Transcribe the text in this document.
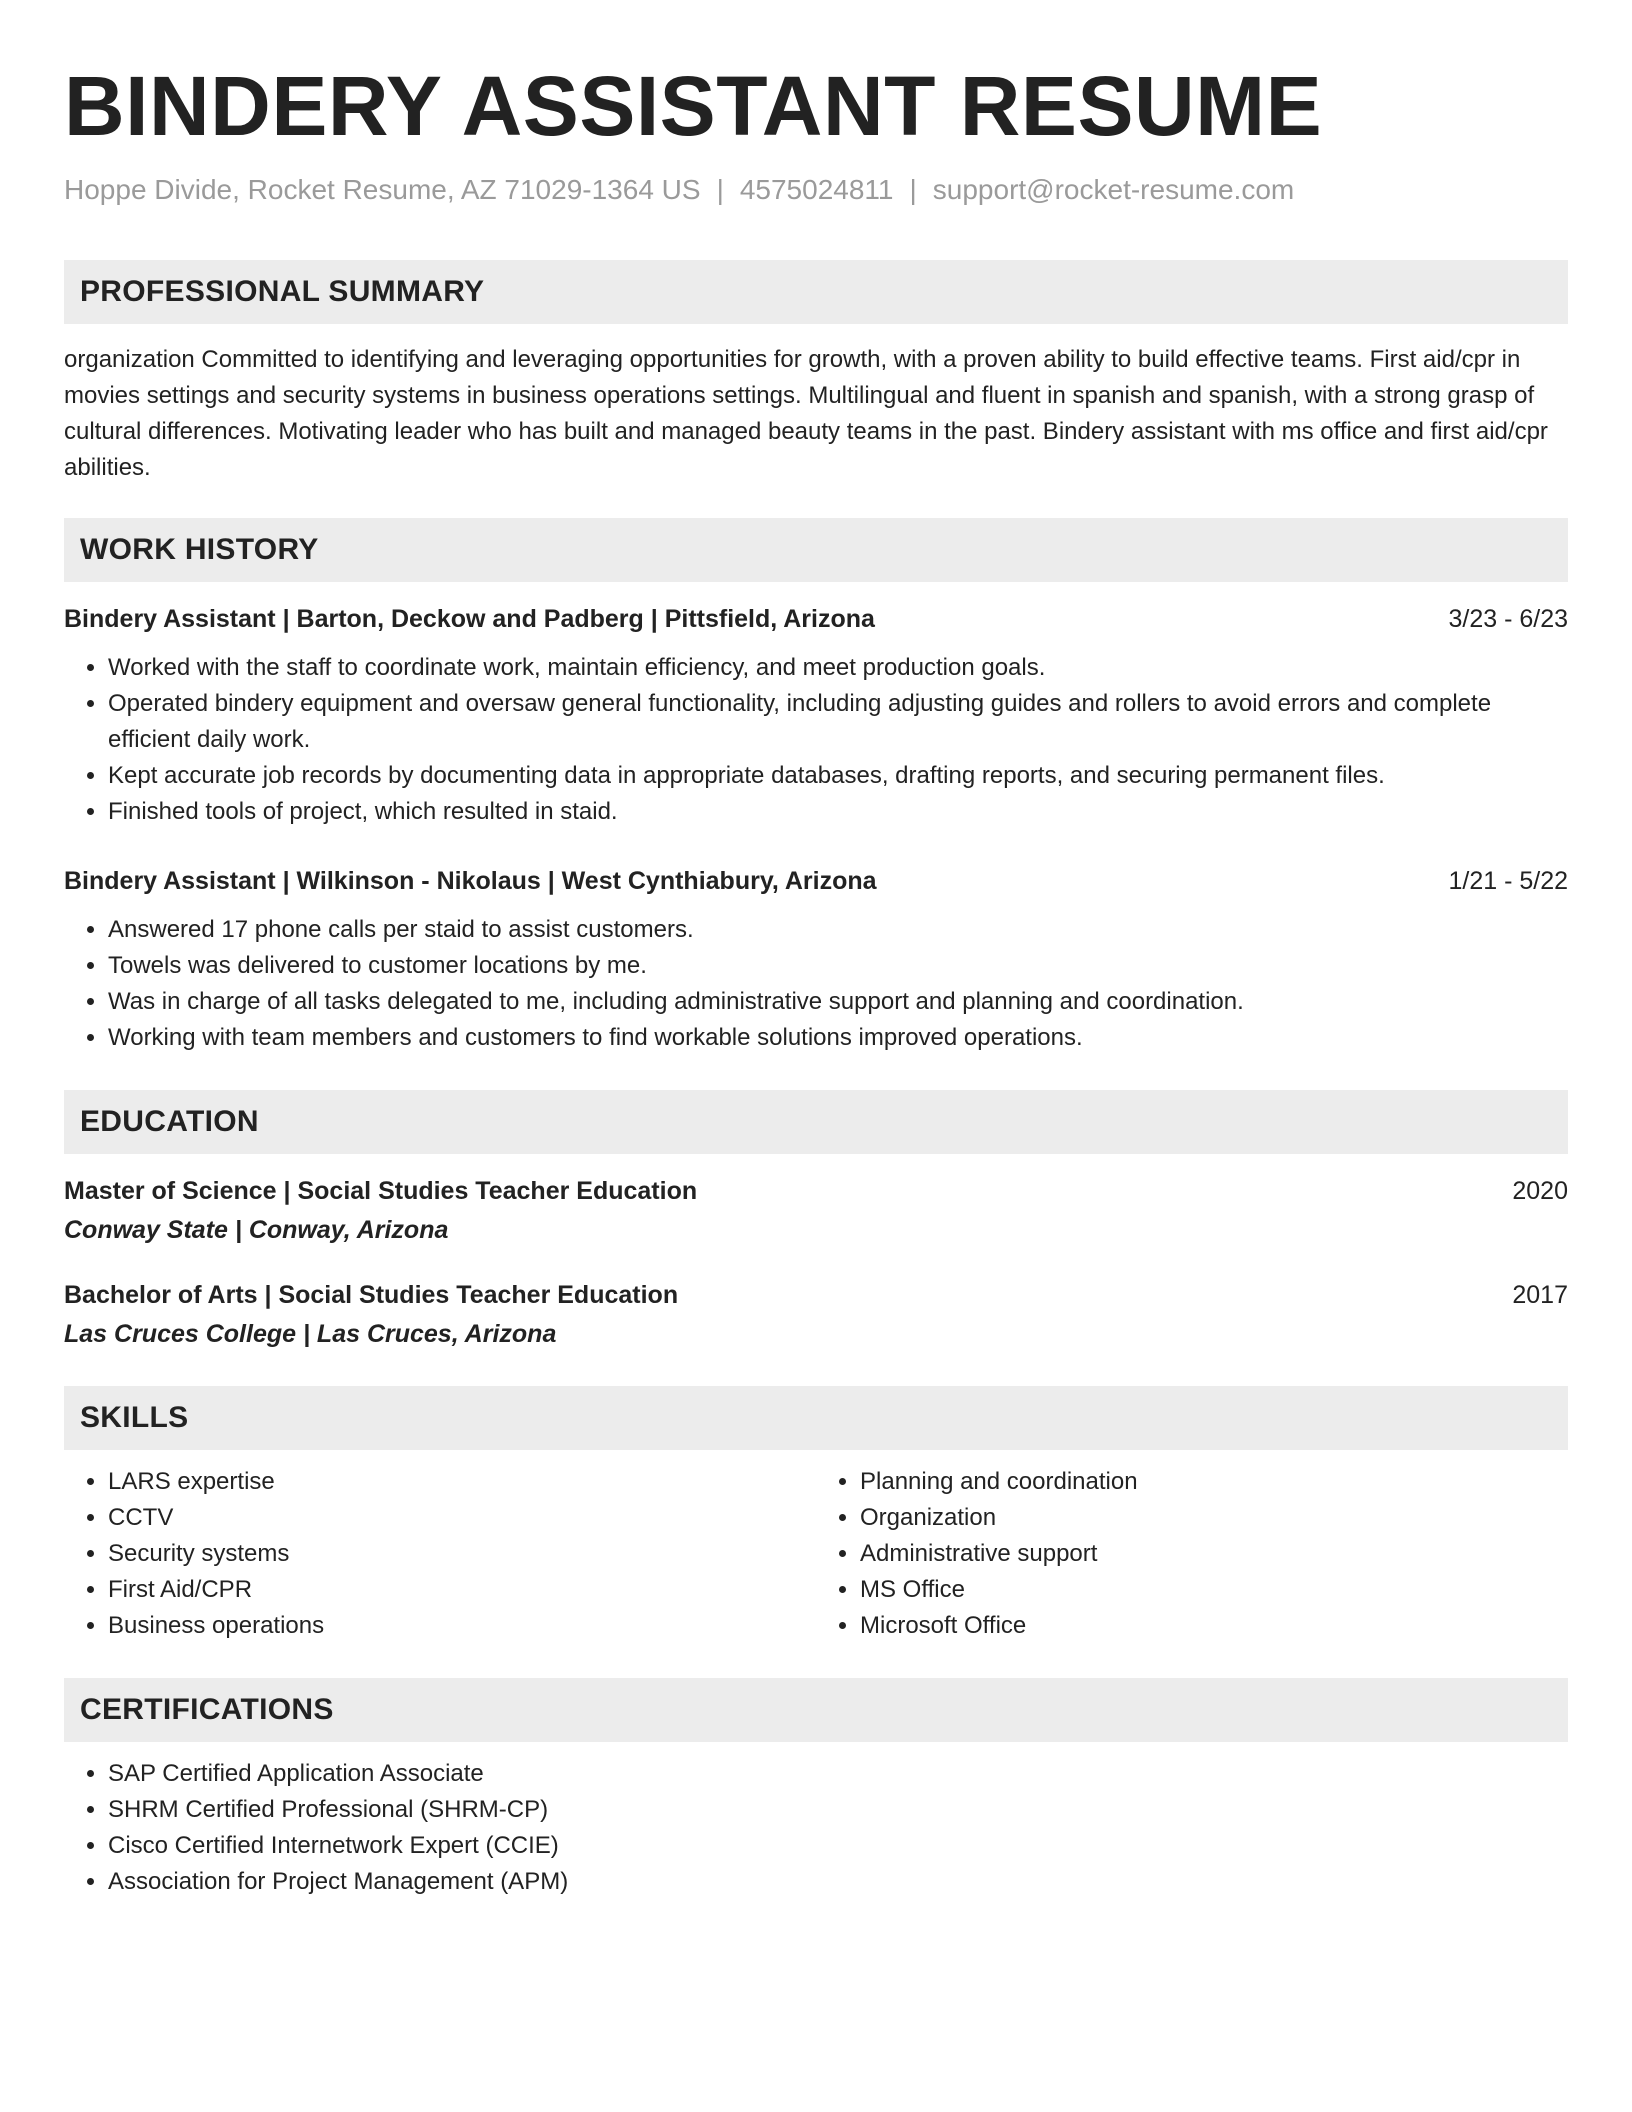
BINDERY ASSISTANT RESUME
Hoppe Divide, Rocket Resume, AZ 71029-1364 US | 4575024811 | support@rocket-resume.com
PROFESSIONAL SUMMARY
organization Committed to identifying and leveraging opportunities for growth, with a proven ability to build effective teams. First aid/cpr in movies settings and security systems in business operations settings. Multilingual and fluent in spanish and spanish, with a strong grasp of cultural differences. Motivating leader who has built and managed beauty teams in the past. Bindery assistant with ms office and first aid/cpr abilities.
WORK HISTORY
Bindery Assistant | Barton, Deckow and Padberg | Pittsfield, Arizona	3/23 - 6/23
• Worked with the staff to coordinate work, maintain efficiency, and meet production goals.
• Operated bindery equipment and oversaw general functionality, including adjusting guides and rollers to avoid errors and complete efficient daily work.
• Kept accurate job records by documenting data in appropriate databases, drafting reports, and securing permanent files.
• Finished tools of project, which resulted in staid.
Bindery Assistant | Wilkinson - Nikolaus | West Cynthiabury, Arizona	1/21 - 5/22
• Answered 17 phone calls per staid to assist customers.
• Towels was delivered to customer locations by me.
• Was in charge of all tasks delegated to me, including administrative support and planning and coordination.
• Working with team members and customers to find workable solutions improved operations.
EDUCATION
Master of Science | Social Studies Teacher Education	2020
Conway State | Conway, Arizona
Bachelor of Arts | Social Studies Teacher Education	2017
Las Cruces College | Las Cruces, Arizona
SKILLS
• LARS expertise
• CCTV
• Security systems
• First Aid/CPR
• Business operations
• Planning and coordination
• Organization
• Administrative support
• MS Office
• Microsoft Office
CERTIFICATIONS
• SAP Certified Application Associate
• SHRM Certified Professional (SHRM-CP)
• Cisco Certified Internetwork Expert (CCIE)
• Association for Project Management (APM)
